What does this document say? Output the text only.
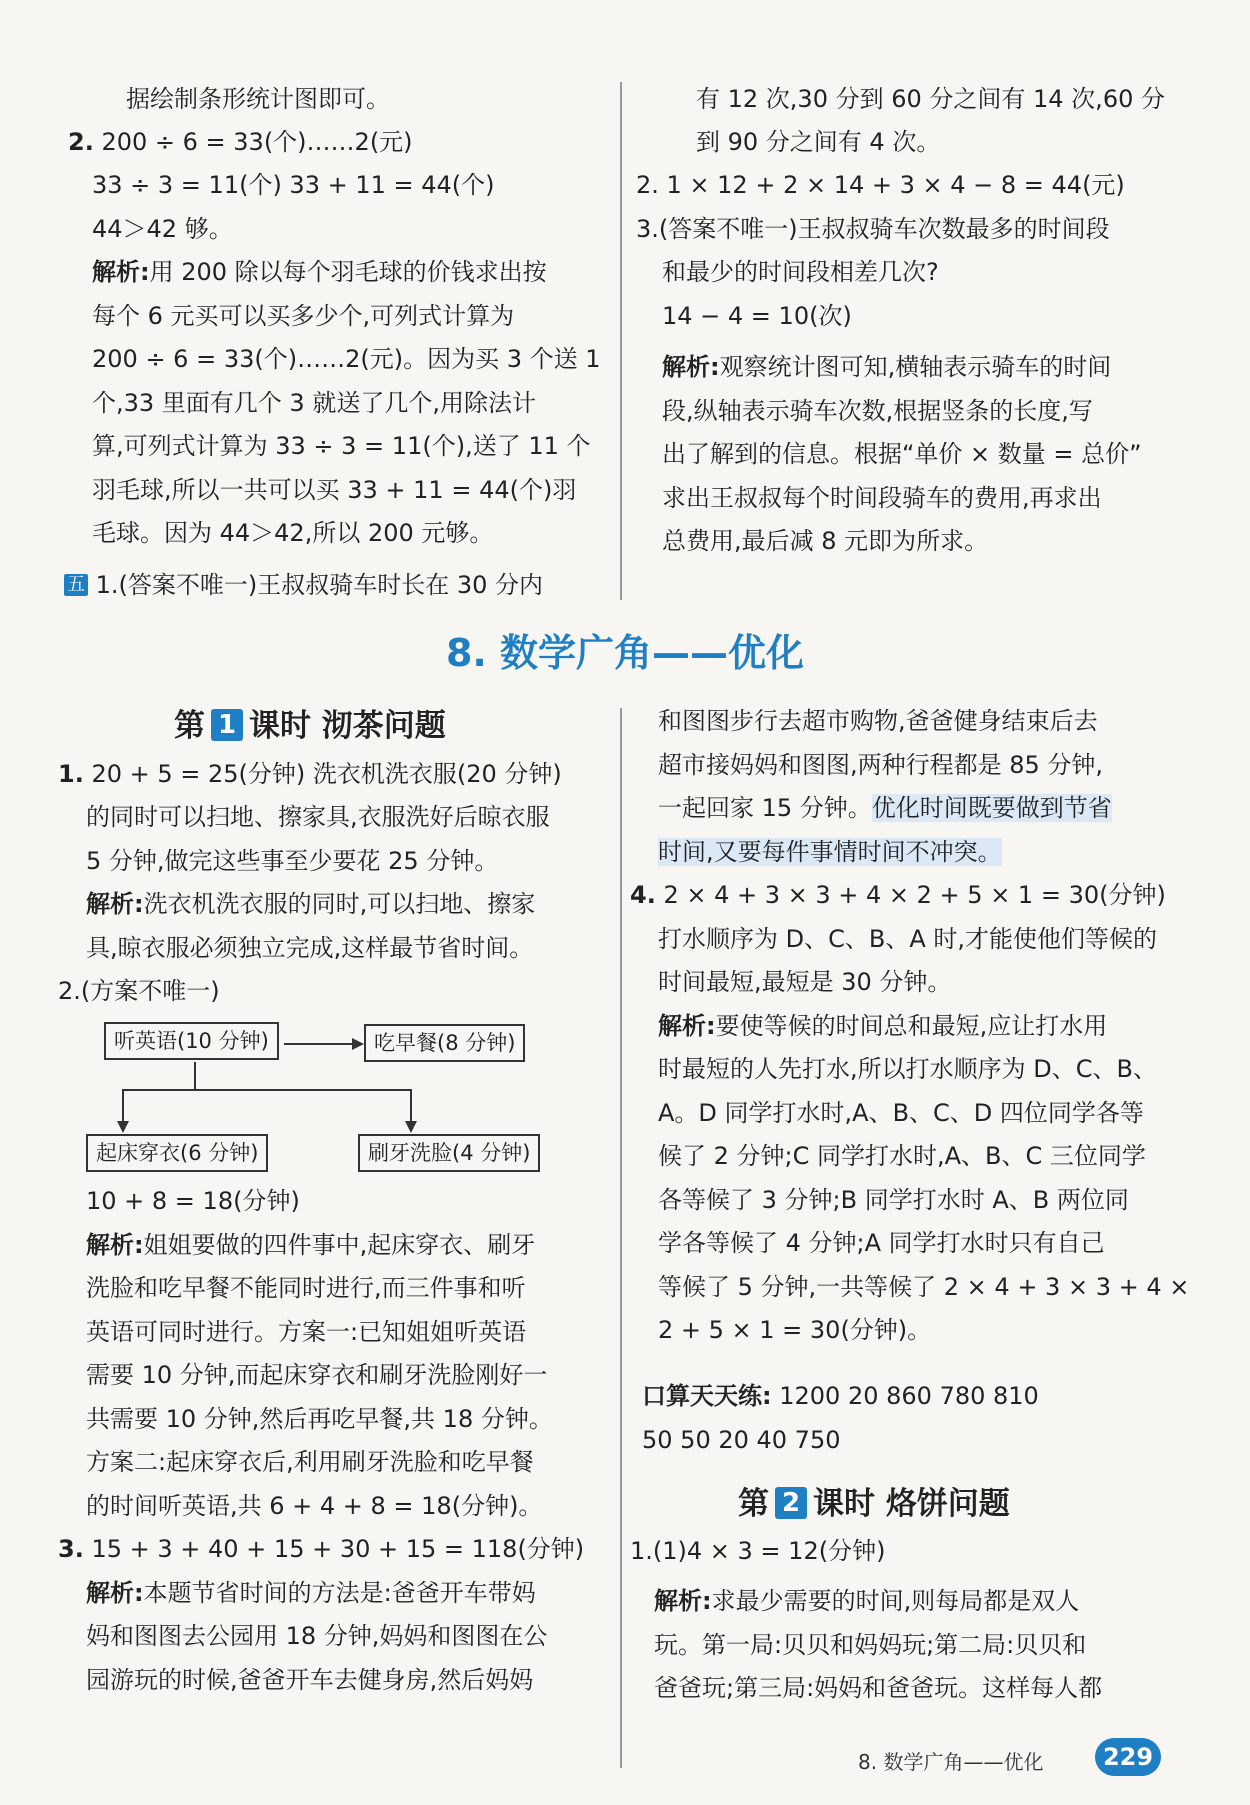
据绘制条形统计图即可。
2. 200 ÷ 6 = 33(个)……2(元)
33 ÷ 3 = 11(个) 33 + 11 = 44(个)
44＞42 够。
解析:用 200 除以每个羽毛球的价钱求出按
每个 6 元买可以买多少个,可列式计算为
200 ÷ 6 = 33(个)……2(元)。因为买 3 个送 1
个,33 里面有几个 3 就送了几个,用除法计
算,可列式计算为 33 ÷ 3 = 11(个),送了 11 个
羽毛球,所以一共可以买 33 + 11 = 44(个)羽
毛球。因为 44＞42,所以 200 元够。
五 1.(答案不唯一)王叔叔骑车时长在 30 分内
有 12 次,30 分到 60 分之间有 14 次,60 分
到 90 分之间有 4 次。
2. 1 × 12 + 2 × 14 + 3 × 4 − 8 = 44(元)
3.(答案不唯一)王叔叔骑车次数最多的时间段
和最少的时间段相差几次?
14 − 4 = 10(次)
解析:观察统计图可知,横轴表示骑车的时间
段,纵轴表示骑车次数,根据竖条的长度,写
出了解到的信息。根据“单价 × 数量 = 总价”
求出王叔叔每个时间段骑车的费用,再求出
总费用,最后减 8 元即为所求。
8. 数学广角——优化
第 1 课时 沏茶问题
1. 20 + 5 = 25(分钟) 洗衣机洗衣服(20 分钟)
的同时可以扫地、擦家具,衣服洗好后晾衣服
5 分钟,做完这些事至少要花 25 分钟。
解析:洗衣机洗衣服的同时,可以扫地、擦家
具,晾衣服必须独立完成,这样最节省时间。
2.(方案不唯一)
听英语(10 分钟)	吃早餐(8 分钟)
起床穿衣(6 分钟)	刷牙洗脸(4 分钟)
10 + 8 = 18(分钟)
解析:姐姐要做的四件事中,起床穿衣、刷牙
洗脸和吃早餐不能同时进行,而三件事和听
英语可同时进行。方案一:已知姐姐听英语
需要 10 分钟,而起床穿衣和刷牙洗脸刚好一
共需要 10 分钟,然后再吃早餐,共 18 分钟。
方案二:起床穿衣后,利用刷牙洗脸和吃早餐
的时间听英语,共 6 + 4 + 8 = 18(分钟)。
3. 15 + 3 + 40 + 15 + 30 + 15 = 118(分钟)
解析:本题节省时间的方法是:爸爸开车带妈
妈和图图去公园用 18 分钟,妈妈和图图在公
园游玩的时候,爸爸开车去健身房,然后妈妈
和图图步行去超市购物,爸爸健身结束后去
超市接妈妈和图图,两种行程都是 85 分钟,
一起回家 15 分钟。优化时间既要做到节省
时间,又要每件事情时间不冲突。
4. 2 × 4 + 3 × 3 + 4 × 2 + 5 × 1 = 30(分钟)
打水顺序为 D、C、B、A 时,才能使他们等候的
时间最短,最短是 30 分钟。
解析:要使等候的时间总和最短,应让打水用
时最短的人先打水,所以打水顺序为 D、C、B、
A。D 同学打水时,A、B、C、D 四位同学各等
候了 2 分钟;C 同学打水时,A、B、C 三位同学
各等候了 3 分钟;B 同学打水时 A、B 两位同
学各等候了 4 分钟;A 同学打水时只有自己
等候了 5 分钟,一共等候了 2 × 4 + 3 × 3 + 4 ×
2 + 5 × 1 = 30(分钟)。
口算天天练: 1200 20 860 780 810
50 50 20 40 750
第 2 课时 烙饼问题
1.(1)4 × 3 = 12(分钟)
解析:求最少需要的时间,则每局都是双人
玩。第一局:贝贝和妈妈玩;第二局:贝贝和
爸爸玩;第三局:妈妈和爸爸玩。这样每人都
8. 数学广角——优化	229
